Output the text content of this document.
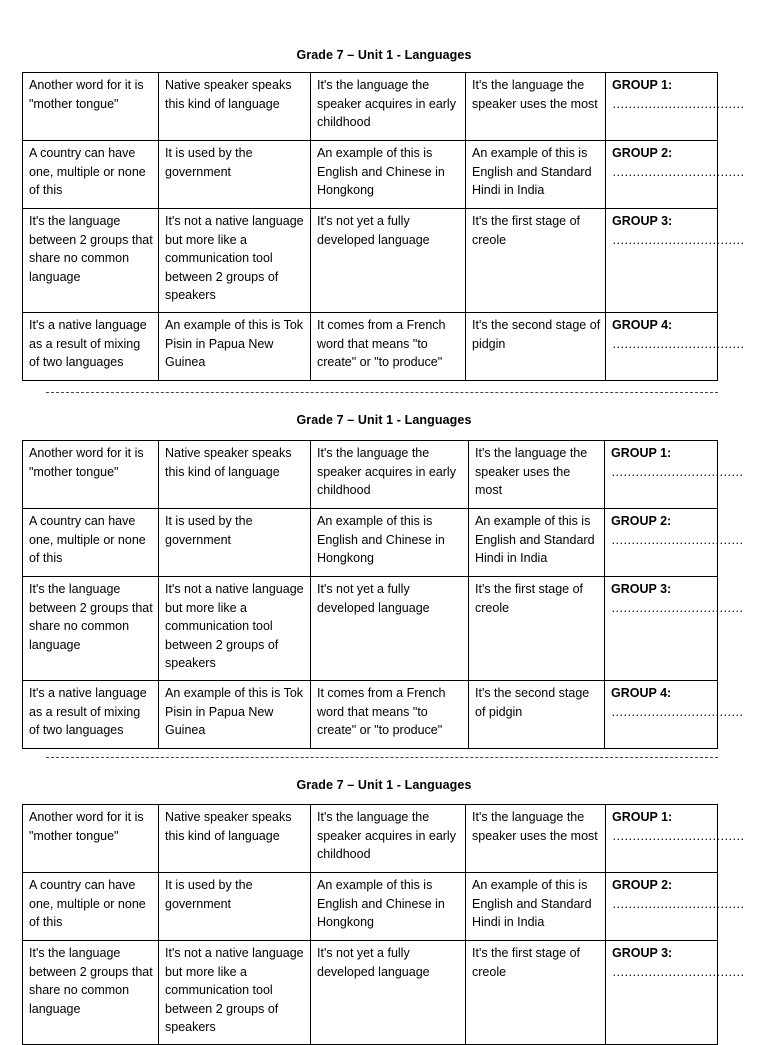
Grade 7 – Unit 1 - Languages
Another word for it is "mother tongue"	Native speaker speaks this kind of language	It's the language the speaker acquires in early childhood	It's the language the speaker uses the most	GROUP 1:
……………………………

A country can have one, multiple or none of this	It is used by the government	An example of this is English and Chinese in Hongkong	An example of this is English and Standard Hindi in India	GROUP 2:
……………………………

It's the language between 2 groups that share no common language	It's not a native language but more like a communication tool between 2 groups of speakers	It's not yet a fully developed language	It's the first stage of creole	GROUP 3:
……………………………

It's a native language as a result of mixing of two languages	An example of this is Tok Pisin in Papua New Guinea	It comes from a French word that means "to create" or "to produce"	It's the second stage of pidgin	GROUP 4:
……………………………
Grade 7 – Unit 1 - Languages
Another word for it is "mother tongue"	Native speaker speaks this kind of language	It's the language the speaker acquires in early childhood	It's the language the speaker uses the most	GROUP 1:
……………………………

A country can have one, multiple or none of this	It is used by the government	An example of this is English and Chinese in Hongkong	An example of this is English and Standard Hindi in India	GROUP 2:
……………………………

It's the language between 2 groups that share no common language	It's not a native language but more like a communication tool between 2 groups of speakers	It's not yet a fully developed language	It's the first stage of creole	GROUP 3:
……………………………

It's a native language as a result of mixing of two languages	An example of this is Tok Pisin in Papua New Guinea	It comes from a French word that means "to create" or "to produce"	It's the second stage of pidgin	GROUP 4:
……………………………
Grade 7 – Unit 1 - Languages
Another word for it is "mother tongue"	Native speaker speaks this kind of language	It's the language the speaker acquires in early childhood	It's the language the speaker uses the most	GROUP 1:
……………………………

A country can have one, multiple or none of this	It is used by the government	An example of this is English and Chinese in Hongkong	An example of this is English and Standard Hindi in India	GROUP 2:
……………………………

It's the language between 2 groups that share no common language	It's not a native language but more like a communication tool between 2 groups of speakers	It's not yet a fully developed language	It's the first stage of creole	GROUP 3:
……………………………
